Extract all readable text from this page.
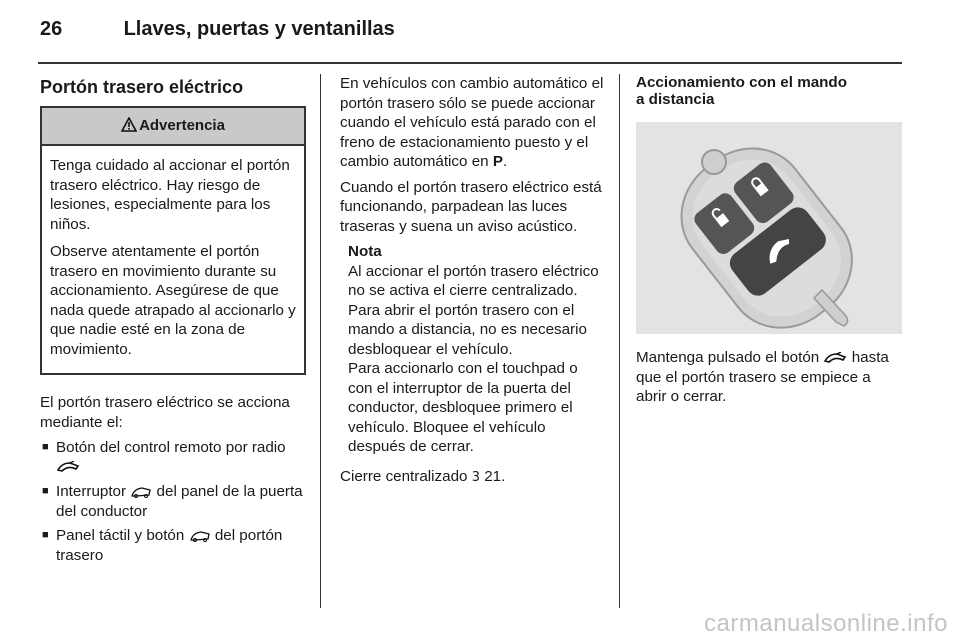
26	Llaves, puertas y ventanillas
Portón trasero eléctrico
Advertencia

Tenga cuidado al accionar el portón trasero eléctrico. Hay riesgo de lesiones, especialmente para los niños.

Observe atentamente el portón trasero en movimiento durante su accionamiento. Asegúrese de que nada quede atrapado al accionarlo y que nadie esté en la zona de movimiento.

El portón trasero eléctrico se acciona mediante el:

■ Botón del control remoto por radio
■ Interruptor del panel de la puerta del conductor
■ Panel táctil y botón del portón trasero

En vehículos con cambio automático el portón trasero sólo se puede accionar cuando el vehículo está parado con el freno de estacionamiento puesto y el cambio automático en P.

Cuando el portón trasero eléctrico está funcionando, parpadean las luces traseras y suena un aviso acústico.

Nota
Al accionar el portón trasero eléctrico no se activa el cierre centralizado. Para abrir el portón trasero con el mando a distancia, no es necesario desbloquear el vehículo.
Para accionarlo con el touchpad o con el interruptor de la puerta del conductor, desbloquee primero el vehículo. Bloquee el vehículo después de cerrar.

Cierre centralizado 3 21.

Accionamiento con el mando
a distancia

Mantenga pulsado el botón hasta que el portón trasero se empiece a abrir o cerrar.

carmanualsonline.info
